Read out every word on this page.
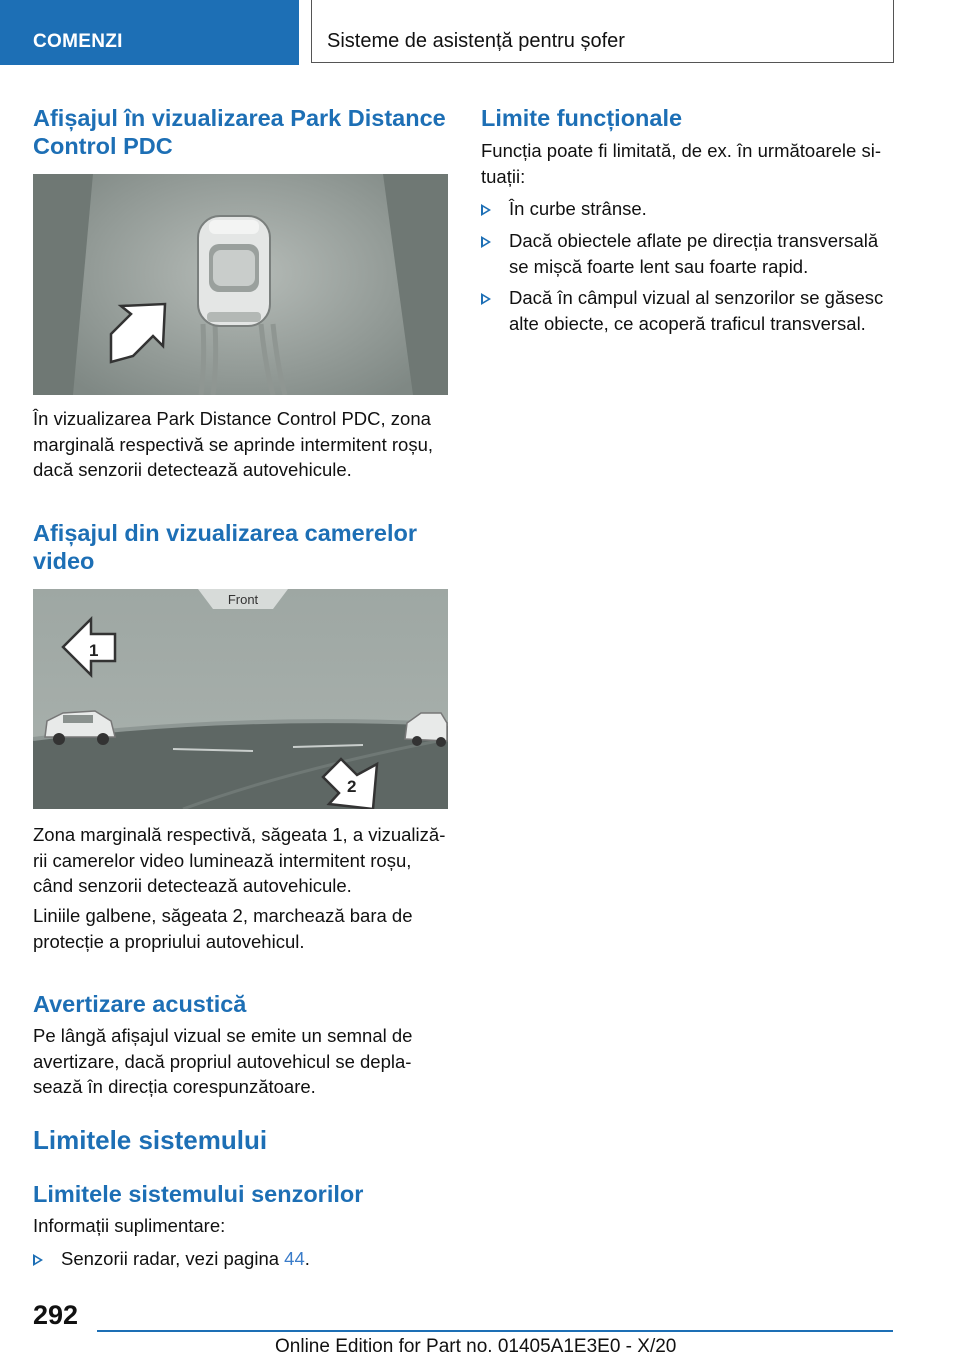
COMENZI	Sisteme de asistență pentru șofer
Afișajul în vizualizarea Park Distance Control PDC

În vizualizarea Park Distance Control PDC, zona marginală respectivă se aprinde intermitent roșu, dacă senzorii detectează autovehicule.

Afișajul din vizualizarea camerelor video
Front
1
2

Zona marginală respectivă, săgeata 1, a vizualiză‐rii camerelor video luminează intermitent roșu, când senzorii detectează autovehicule.

Liniile galbene, săgeata 2, marchează bara de protecție a propriului autovehicul.

Avertizare acustică

Pe lângă afișajul vizual se emite un semnal de avertizare, dacă propriul autovehicul se depla‐sează în direcția corespunzătoare.

Limitele sistemului
Limitele sistemului senzorilor

Informații suplimentare:

Senzorii radar, vezi pagina 44.
Limite funcționale

Funcția poate fi limitată, de ex. în următoarele si‐tuații:

În curbe strânse.
Dacă obiectele aflate pe direcția transversală se mișcă foarte lent sau foarte rapid.
Dacă în câmpul vizual al senzorilor se găsesc alte obiecte, ce acoperă traficul transversal.
292
Online Edition for Part no. 01405A1E3E0 - X/20
